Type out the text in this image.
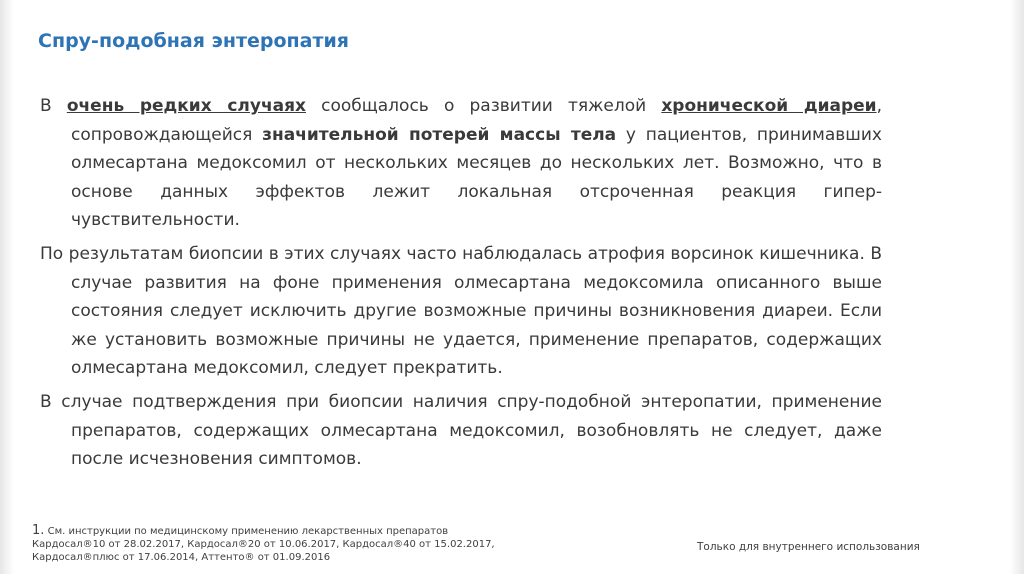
Спру-подобная энтеропатия

В очень редких случаях сообщалось о развитии тяжелой хронической диареи, сопровождающейся значительной потерей массы тела у пациентов, принимавших олмесартана медоксомил от нескольких месяцев до нескольких лет. Возможно, что в основе данных эффектов лежит локальная отсроченная реакция гипер-чувствительности.

По результатам биопсии в этих случаях часто наблюдалась атрофия ворсинок кишечника. В случае развития на фоне применения олмесартана медоксомила описанного выше состояния следует исключить другие возможные причины возникновения диареи. Если же установить возможные причины не удается, применение препаратов, содержащих олмесартана медоксомил, следует прекратить.

В случае подтверждения при биопсии наличия спру-подобной энтеропатии, применение препаратов, содержащих олмесартана медоксомил, возобновлять не следует, даже после исчезновения симптомов.

1. См. инструкции по медицинскому применению лекарственных препаратов Кардосал®10 от 28.02.2017, Кардосал®20 от 10.06.2017, Кардосал®40 от 15.02.2017, Кардосал®плюс от 17.06.2014, Аттенто® от 01.09.2016
Только для внутреннего использования
